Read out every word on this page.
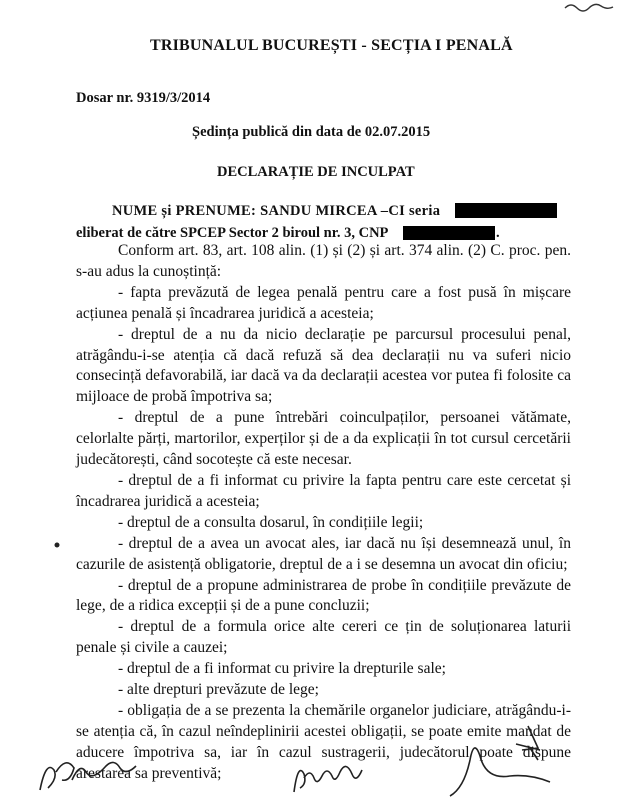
TRIBUNALUL BUCUREȘTI - SECȚIA I PENALĂ
Dosar nr. 9319/3/2014
Ședința publică din data de 02.07.2015
DECLARAȚIE DE INCULPAT
NUME și PRENUME: SANDU MIRCEA –CI seria
eliberat de către SPCEP Sector 2 biroul nr. 3, CNP	.

Conform art. 83, art. 108 alin. (1) și (2) și art. 374 alin. (2) C. proc. pen.

s-au adus la cunoștință:

- fapta prevăzută de legea penală pentru care a fost pusă în mișcare acțiunea penală și încadrarea juridică a acesteia;

- dreptul de a nu da nicio declarație pe parcursul procesului penal, atrăgându-i-se atenția că dacă refuză să dea declarații nu va suferi nicio consecință defavorabilă, iar dacă va da declarații acestea vor putea fi folosite ca mijloace de probă împotriva sa;

- dreptul de a pune întrebări coinculpaților, persoanei vătămate, celorlalte părți, martorilor, experților și de a da explicații în tot cursul cercetării judecătorești, când socotește că este necesar.

- dreptul de a fi informat cu privire la fapta pentru care este cercetat și încadrarea juridică a acesteia;

- dreptul de a consulta dosarul, în condițiile legii;

- dreptul de a avea un avocat ales, iar dacă nu își desemnează unul, în cazurile de asistență obligatorie, dreptul de a i se desemna un avocat din oficiu;

- dreptul de a propune administrarea de probe în condițiile prevăzute de lege, de a ridica excepții și de a pune concluzii;

- dreptul de a formula orice alte cereri ce țin de soluționarea laturii penale și civile a cauzei;

- dreptul de a fi informat cu privire la drepturile sale;

- alte drepturi prevăzute de lege;

- obligația de a se prezenta la chemările organelor judiciare, atrăgându-i-se atenția că, în cazul neîndeplinirii acestei obligații, se poate emite mandat de aducere împotriva sa, iar în cazul sustragerii, judecătorul poate dispune arestarea sa preventivă;
